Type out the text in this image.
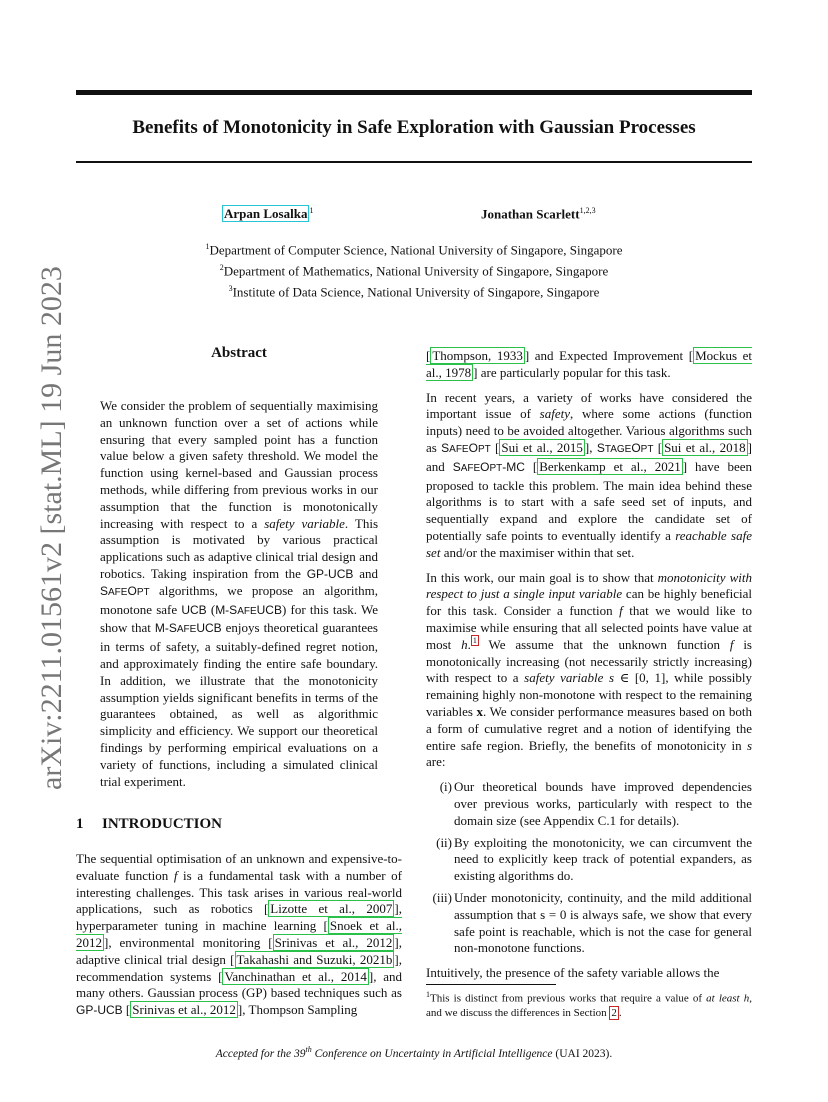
Benefits of Monotonicity in Safe Exploration with Gaussian Processes
Arpan Losalka $^1$	Jonathan Scarlett$^{1,2,3}$
$^1$Department of Computer Science, National University of Singapore, Singapore
$^2$Department of Mathematics, National University of Singapore, Singapore
$^3$Institute of Data Science, National University of Singapore, Singapore
arXiv:2211.01561v2 [stat.ML] 19 Jun 2023	Abstract
We consider the problem of sequentially maximising an unknown function over a set of actions while ensuring that every sampled point has a function value below a given safety threshold. We model the function using kernel-based and Gaussian process methods, while differing from previous works in our assumption that the function is monotonically increasing with respect to a safety variable. This assumption is motivated by various practical applications such as adaptive clinical trial design and robotics. Taking inspiration from the GP-UCB and SAFEOPT algorithms, we propose an algorithm, monotone safe UCB (M-SAFEUCB) for this task. We show that M-SAFEUCB enjoys theoretical guarantees in terms of safety, a suitably-defined regret notion, and approximately finding the entire safe boundary. In addition, we illustrate that the monotonicity assumption yields significant benefits in terms of the guarantees obtained, as well as algorithmic simplicity and efficiency. We support our theoretical findings by performing empirical evaluations on a variety of functions, including a simulated clinical trial experiment.
1 INTRODUCTION
The sequential optimisation of an unknown and expensive-to-evaluate function f is a fundamental task with a number of interesting challenges. This task arises in various real-world applications, such as robotics [ Lizotte et al., 2007 ], hyperparameter tuning in machine learning [ Snoek et al., 2012 ], environmental monitoring [ Srinivas et al., 2012 ], adaptive clinical trial design [ Takahashi and Suzuki, 2021b ], recommendation systems [ Vanchinathan et al., 2014 ], and many others. Gaussian process (GP) based techniques such as GP-UCB [ Srinivas et al., 2012 ], Thompson Sampling

[ Thompson, 1933 ] and Expected Improvement [ Mockus et al., 1978 ] are particularly popular for this task.

In recent years, a variety of works have considered the important issue of safety, where some actions (function inputs) need to be avoided altogether. Various algorithms such as SAFEOPT [ Sui et al., 2015 ], STAGEOPT [ Sui et al., 2018 ] and SAFEOPT-MC [ Berkenkamp et al., 2021 ] have been proposed to tackle this problem. The main idea behind these algorithms is to start with a safe seed set of inputs, and sequentially expand and explore the candidate set of potentially safe points to eventually identify a reachable safe set and/or the maximiser within that set.

In this work, our main goal is to show that monotonicity with respect to just a single input variable can be highly beneficial for this task. Consider a function f that we would like to maximise while ensuring that all selected points have value at most h. $^1$ We assume that the unknown function f is monotonically increasing (not necessarily strictly increasing) with respect to a safety variable s ∈ [0, 1], while possibly remaining highly non-monotone with respect to the remaining variables x. We consider performance measures based on both a form of cumulative regret and a notion of identifying the entire safe region. Briefly, the benefits of monotonicity in s are:

(i) Our theoretical bounds have improved dependencies over previous works, particularly with respect to the domain size (see Appendix C.1 for details).
(ii) By exploiting the monotonicity, we can circumvent the need to explicitly keep track of potential expanders, as existing algorithms do.
(iii) Under monotonicity, continuity, and the mild additional assumption that s = 0 is always safe, we show that every safe point is reachable, which is not the case for general non-monotone functions.

Intuitively, the presence of the safety variable allows the

$^1$This is distinct from previous works that require a value of at least h, and we discuss the differences in Section 2 .
Accepted for the 39th Conference on Uncertainty in Artificial Intelligence (UAI 2023).
